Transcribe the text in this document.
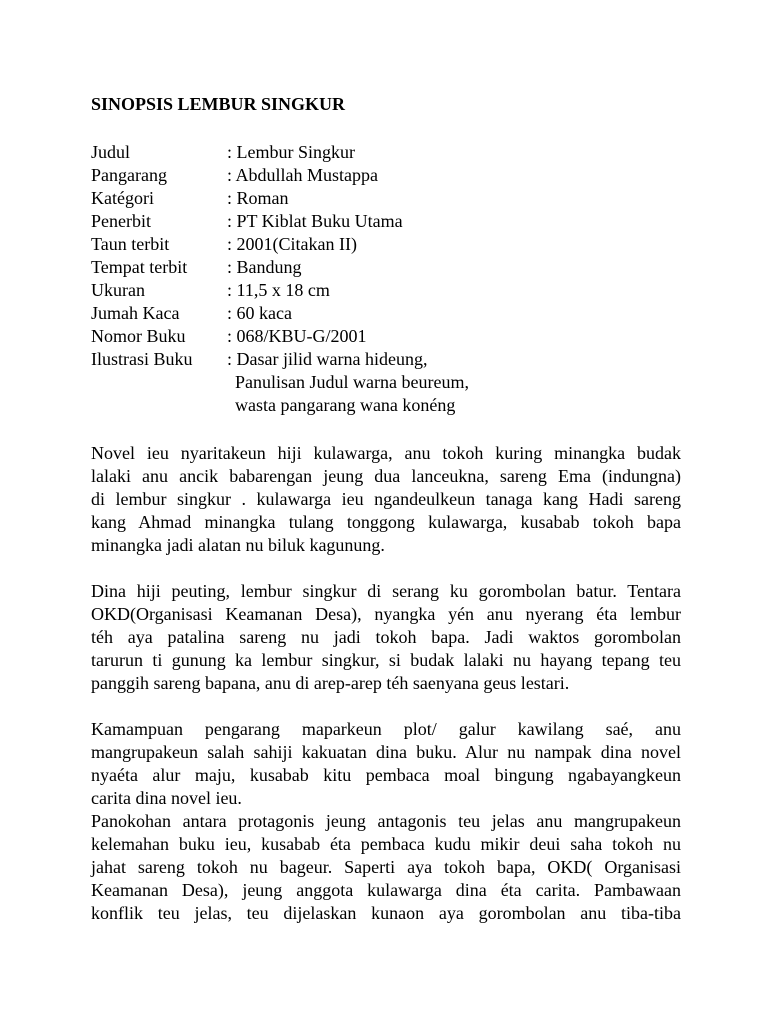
SINOPSIS LEMBUR SINGKUR
Judul	: Lembur Singkur

Pangarang	: Abdullah Mustappa

Katégori	: Roman

Penerbit	: PT Kiblat Buku Utama

Taun terbit	: 2001(Citakan II)

Tempat terbit	: Bandung

Ukuran	: 11,5 x 18 cm

Jumah Kaca	: 60 kaca

Nomor Buku	: 068/KBU-G/2001

Ilustrasi Buku	: Dasar jilid warna hideung,
Panulisan Judul warna beureum,
wasta pangarang wana konéng
Novel ieu nyaritakeun hiji kulawarga, anu tokoh kuring minangka budak
lalaki anu ancik babarengan jeung dua lanceukna, sareng Ema (indungna)
di lembur singkur . kulawarga ieu ngandeulkeun tanaga kang Hadi sareng
kang Ahmad minangka tulang tonggong kulawarga, kusabab tokoh bapa
minangka jadi alatan nu biluk kagunung.
Dina hiji peuting, lembur singkur di serang ku gorombolan batur. Tentara
OKD(Organisasi Keamanan Desa), nyangka yén anu nyerang éta lembur
téh aya patalina sareng nu jadi tokoh bapa. Jadi waktos gorombolan
tarurun ti gunung ka lembur singkur, si budak lalaki nu hayang tepang teu
panggih sareng bapana, anu di arep-arep téh saenyana geus lestari.
Kamampuan pengarang maparkeun plot/ galur kawilang saé, anu
mangrupakeun salah sahiji kakuatan dina buku. Alur nu nampak dina novel
nyaéta alur maju, kusabab kitu pembaca moal bingung ngabayangkeun
carita dina novel ieu.
Panokohan antara protagonis jeung antagonis teu jelas anu mangrupakeun
kelemahan buku ieu, kusabab éta pembaca kudu mikir deui saha tokoh nu
jahat sareng tokoh nu bageur. Saperti aya tokoh bapa, OKD( Organisasi
Keamanan Desa), jeung anggota kulawarga dina éta carita. Pambawaan
konflik teu jelas, teu dijelaskan kunaon aya gorombolan anu tiba-tiba
